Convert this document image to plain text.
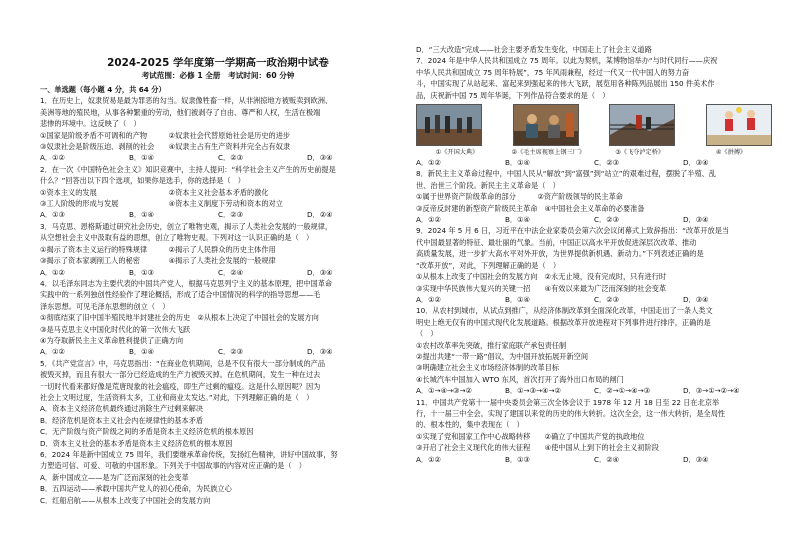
2024-2025 学年度第一学期高一政治期中试卷
考试范围：必修 1 全册　考试时间：60 分钟
一、单选题（每小题 4 分，共 64 分）
1．在历史上，奴隶贸易是最为罪恶的勾当。奴隶像牲畜一样，从非洲掠地方被贩卖到欧洲、
美洲等地的殖民地，从事各种繁重的劳动，他们被剥夺了自由、尊严和人权，生活在极端
悲惨的环境中。这反映了（　）
①国家是阶级矛盾不可调和的产物　　　②奴隶社会代替原始社会是历史的进步
③奴隶社会是阶级压迫、剥削的社会　　④奴隶主占有生产资料并完全占有奴隶
A．①②	B．①④	C．②③	D．③④
2．在一次《中国特色社会主义》知识竞赛中，主持人提问：“科学社会主义产生的历史前提是
什么？”回答出以下四个选项，如果你是选手，你的选择是（　）
①资本主义的发展　　　　　　　　　　②资本主义社会基本矛盾的激化
③工人阶级的形成与发展　　　　　　　④资本主义制度下劳动和资本的对立
A．①③	B．①④	C．②③	D．②④
3．马克思、恩格斯通过研究社会历史，创立了唯物史观，揭示了人类社会发展的一般规律，
从空想社会主义中汲取有益的思想，创立了唯物史观。下列对这一认识正确的是（　）
①揭示了资本主义运行的特殊规律　　　②揭示了人民群众的历史主体作用
③揭示了资本家剥削工人的秘密　　　　④揭示了人类社会发展的一般规律
A．①②	B．①③	C．②④	D．③④
4．以毛泽东同志为主要代表的中国共产党人，根据马克思列宁主义的基本原理，把中国革命
实践中的一系列独创性经验作了理论概括，形成了适合中国情况的科学的指导思想——毛
泽东思想。可见毛泽东思想的创立（　）
①彻底结束了旧中国半殖民地半封建社会的历史　②从根本上决定了中国社会的发展方向
③是马克思主义中国化时代化的第一次伟大飞跃
④为夺取新民主主义革命胜利提供了正确方向
A．①②	B．①④	C．②③	D．③④
5．《共产党宣言》中，马克思指出：“在商业危机期间，总是不仅有很大一部分制成的产品
被毁灭掉，而且有很大一部分已经造成的生产力被毁灭掉。在危机期间，发生一种在过去
一切时代看来都好像是荒唐现象的社会瘟疫，即生产过剩的瘟疫。这是什么原因呢？因为
社会上文明过度，生活资料太多，工业和商业太发达。”对此，下列理解正确的是（　）
A．资本主义经济危机最终通过消除生产过剩来解决
B．经济危机是资本主义社会内在规律性的基本矛盾
C．无产阶级与资产阶级之间的矛盾是资本主义经济危机的根本原因
D．资本主义社会的基本矛盾是资本主义经济危机的根本原因
6．2024 年是新中国成立 75 周年，我们要继承革命传统，发扬红色精神，讲好中国故事，努
力塑造可信、可爱、可敬的中国形象。下列关于中国故事的内容对应正确的是（　）
A．新中国成立——是为广泛而深刻的社会变革
B．五四运动——承载中国共产党人的初心使命，为民族立心
C．红船启航——从根本上改变了中国社会的发展方向
D．“三大改造”完成——社会主要矛盾发生变化，中国走上了社会主义道路
7．2024 年是中华人民共和国成立 75 周年。以此为契机，某博物馆举办“与时代同行——庆祝
中华人民共和国成立 75 周年特展”，75 年风雨兼程，经过一代又一代中国人的努力奋
斗，中国实现了从站起来、富起来到强起来的伟大飞跃，展览用各种陈列品展出 150 件美术作
品，庆祝新中国 75 周年华诞，下列作品符合要求的是（　）
①《开国大典》	②《毛主席视察上钢三厂》	③《飞夺泸定桥》	④《拼搏》
A．①②	B．①④	C．②③	D．③④
8．新民主主义革命过程中，中国人民从“解放”到“富强”到“站立”的艰难过程，摆脱了半殖、乱
世、治世三个阶段。新民主主义革命是（　）
①属于世界资产阶级革命的部分　　　②资产阶级领导的民主革命
③反帝反封建的新型资产阶级民主革命　④中国社会主义革命的必要准备
A．①②	B．①④	C．②③	D．③④
9．2024 年 5 月 6 日，习近平在中法企业家委员会第六次会议闭幕式上致辞指出：“改革开放是当
代中国最显著的特征、最壮丽的气象。当前，中国正以高水平开放促进深层次改革、推动
高质量发展，进一步扩大高水平对外开放，为世界提供新机遇、新动力。”下列表述正确的是
“改革开放”，对此，下列理解正确的是（　）
①从根本上改变了中国社会的发展方向　②永无止境，没有完成时，只有进行时
③实现中华民族伟大复兴的关键一招　　④有效以来最为广泛而深刻的社会变革
A．①②	B．①④	C．②③	D．③④
10．从农村到城市，从试点到推广，从经济体制改革到全面深化改革，中国走出了一条人类文
明史上绝无仅有的中国式现代化发展道路。根据改革开放进程对下列事件进行排序，正确的是
（　）
①农村改革率先突破，推行家庭联产承包责任制
②提出共建“一带一路”倡议，为中国开放拓展开新空间
③明确建立社会主义市场经济体制的改革目标
④长城汽车中国加入 WTO 东风，首次打开了海外出口布局的闸门
A．①→④→③→②	B．①→③→④→②	C．②→①→④→③	D．③→①→②→④
11．中国共产党第十一届中央委员会第三次全体会议于 1978 年 12 月 18 日至 22 日在北京举
行，十一届三中全会，实现了建国以来党的历史的伟大转折。这次全会，这一伟大转折，是全局性
的、根本性的，集中表现在（　）
①实现了党和国家工作中心战略转移　　②确立了中国共产党的执政地位
③开启了社会主义现代化的伟大征程　　④使中国从上到下的社会主义初阶段
A．①②	B．①③	C．②④	D．③④
